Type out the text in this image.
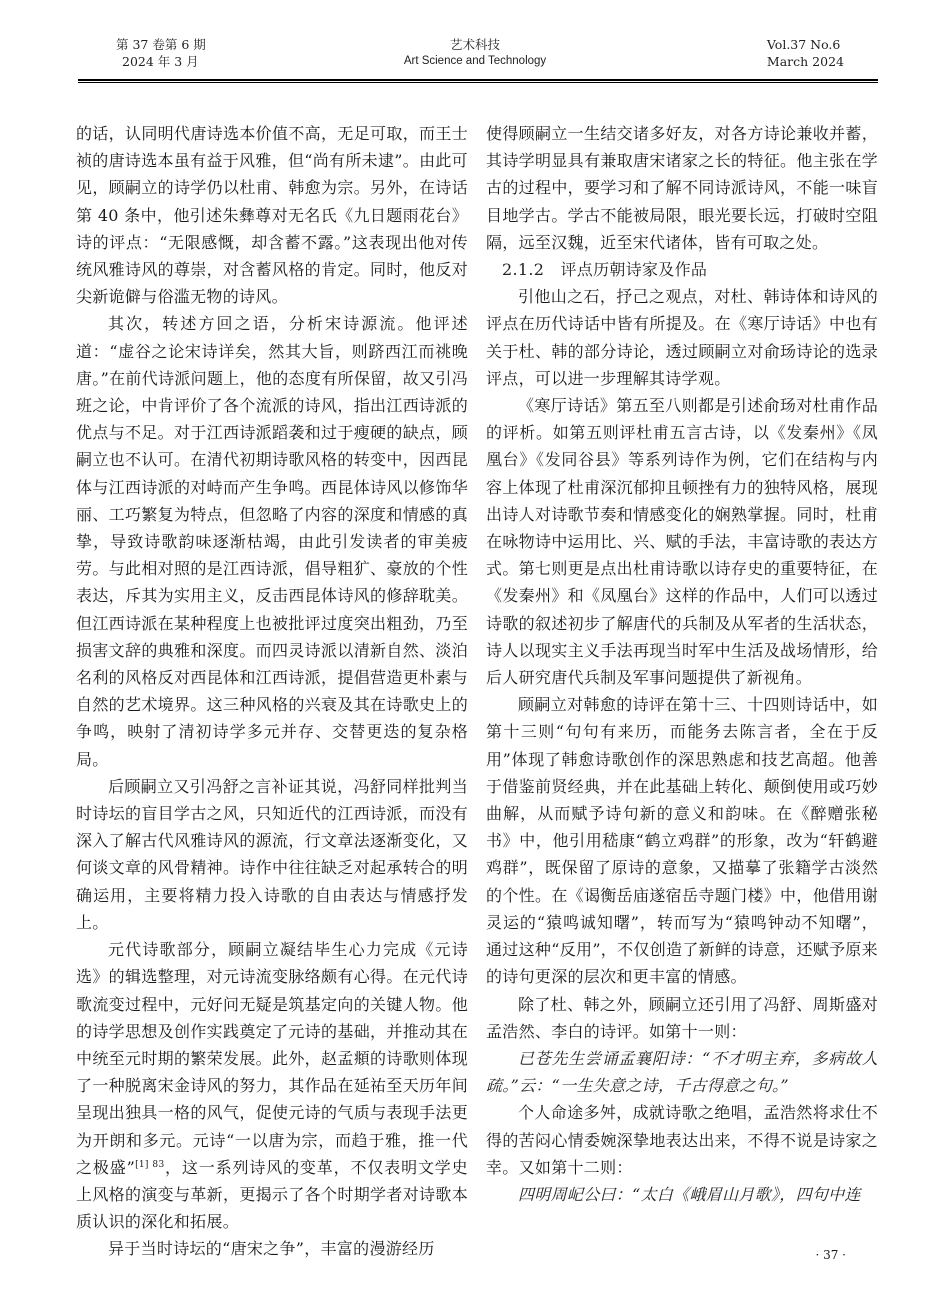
第 37 卷第 6 期
2024 年 3 月
艺术科技
Art Science and Technology
Vol.37 No.6
March 2024

的话，认同明代唐诗选本价值不高，无足可取，而王士祯的唐诗选本虽有益于风雅，但“尚有所未逮”。由此可见，顾嗣立的诗学仍以杜甫、韩愈为宗。另外，在诗话第 40 条中，他引述朱彝尊对无名氏《九日题雨花台》诗的评点：“无限感慨，却含蓄不露。”这表现出他对传统风雅诗风的尊崇，对含蓄风格的肯定。同时，他反对尖新诡僻与俗滥无物的诗风。

其次，转述方回之语，分析宋诗源流。他评述道：“虚谷之论宋诗详矣，然其大旨，则跻西江而祧晚唐。”在前代诗派问题上，他的态度有所保留，故又引冯班之论，中肯评价了各个流派的诗风，指出江西诗派的优点与不足。对于江西诗派蹈袭和过于瘦硬的缺点，顾嗣立也不认可。在清代初期诗歌风格的转变中，因西昆体与江西诗派的对峙而产生争鸣。西昆体诗风以修饰华丽、工巧繁复为特点，但忽略了内容的深度和情感的真挚，导致诗歌韵味逐渐枯竭，由此引发读者的审美疲劳。与此相对照的是江西诗派，倡导粗犷、豪放的个性表达，斥其为实用主义，反击西昆体诗风的修辞耽美。但江西诗派在某种程度上也被批评过度突出粗劲，乃至损害文辞的典雅和深度。而四灵诗派以清新自然、淡泊名利的风格反对西昆体和江西诗派，提倡营造更朴素与自然的艺术境界。这三种风格的兴衰及其在诗歌史上的争鸣，映射了清初诗学多元并存、交替更迭的复杂格局。

后顾嗣立又引冯舒之言补证其说，冯舒同样批判当时诗坛的盲目学古之风，只知近代的江西诗派，而没有深入了解古代风雅诗风的源流，行文章法逐渐变化，又何谈文章的风骨精神。诗作中往往缺乏对起承转合的明确运用，主要将精力投入诗歌的自由表达与情感抒发上。

元代诗歌部分，顾嗣立凝结毕生心力完成《元诗选》的辑选整理，对元诗流变脉络颇有心得。在元代诗歌流变过程中，元好问无疑是筑基定向的关键人物。他的诗学思想及创作实践奠定了元诗的基础，并推动其在中统至元时期的繁荣发展。此外，赵孟頫的诗歌则体现了一种脱离宋金诗风的努力，其作品在延祐至天历年间呈现出独具一格的风气，促使元诗的气质与表现手法更为开朗和多元。元诗“一以唐为宗，而趋于雅，推一代之极盛”$^{[1] 83}$，这一系列诗风的变革，不仅表明文学史上风格的演变与革新，更揭示了各个时期学者对诗歌本质认识的深化和拓展。

异于当时诗坛的“唐宋之争”，丰富的漫游经历

使得顾嗣立一生结交诸多好友，对各方诗论兼收并蓄，其诗学明显具有兼取唐宋诸家之长的特征。他主张在学古的过程中，要学习和了解不同诗派诗风，不能一味盲目地学古。学古不能被局限，眼光要长远，打破时空阻隔，远至汉魏，近至宋代诸体，皆有可取之处。

2.1.2　评点历朝诗家及作品

引他山之石，抒己之观点，对杜、韩诗体和诗风的评点在历代诗话中皆有所提及。在《寒厅诗话》中也有关于杜、韩的部分诗论，透过顾嗣立对俞玚诗论的选录评点，可以进一步理解其诗学观。

《寒厅诗话》第五至八则都是引述俞玚对杜甫作品的评析。如第五则评杜甫五言古诗，以《发秦州》《凤凰台》《发同谷县》等系列诗作为例，它们在结构与内容上体现了杜甫深沉郁抑且顿挫有力的独特风格，展现出诗人对诗歌节奏和情感变化的娴熟掌握。同时，杜甫在咏物诗中运用比、兴、赋的手法，丰富诗歌的表达方式。第七则更是点出杜甫诗歌以诗存史的重要特征，在《发秦州》和《凤凰台》这样的作品中，人们可以透过诗歌的叙述初步了解唐代的兵制及从军者的生活状态，诗人以现实主义手法再现当时军中生活及战场情形，给后人研究唐代兵制及军事问题提供了新视角。

顾嗣立对韩愈的诗评在第十三、十四则诗话中，如第十三则“句句有来历，而能务去陈言者，全在于反用”体现了韩愈诗歌创作的深思熟虑和技艺高超。他善于借鉴前贤经典，并在此基础上转化、颠倒使用或巧妙曲解，从而赋予诗句新的意义和韵味。在《醉赠张秘书》中，他引用嵇康“鹤立鸡群”的形象，改为“轩鹤避鸡群”，既保留了原诗的意象，又描摹了张籍学古淡然的个性。在《谒衡岳庙遂宿岳寺题门楼》中，他借用谢灵运的“猿鸣诚知曙”，转而写为“猿鸣钟动不知曙”，通过这种“反用”，不仅创造了新鲜的诗意，还赋予原来的诗句更深的层次和更丰富的情感。

除了杜、韩之外，顾嗣立还引用了冯舒、周斯盛对孟浩然、李白的诗评。如第十一则：

已苍先生尝诵孟襄阳诗：“不才明主弃，多病故人疏。”云：“一生失意之诗，千古得意之句。”

个人命途多舛，成就诗歌之绝唱，孟浩然将求仕不得的苦闷心情委婉深挚地表达出来，不得不说是诗家之幸。又如第十二则：

四明周屺公曰：“太白《峨眉山月歌》，四句中连

· 37 ·
